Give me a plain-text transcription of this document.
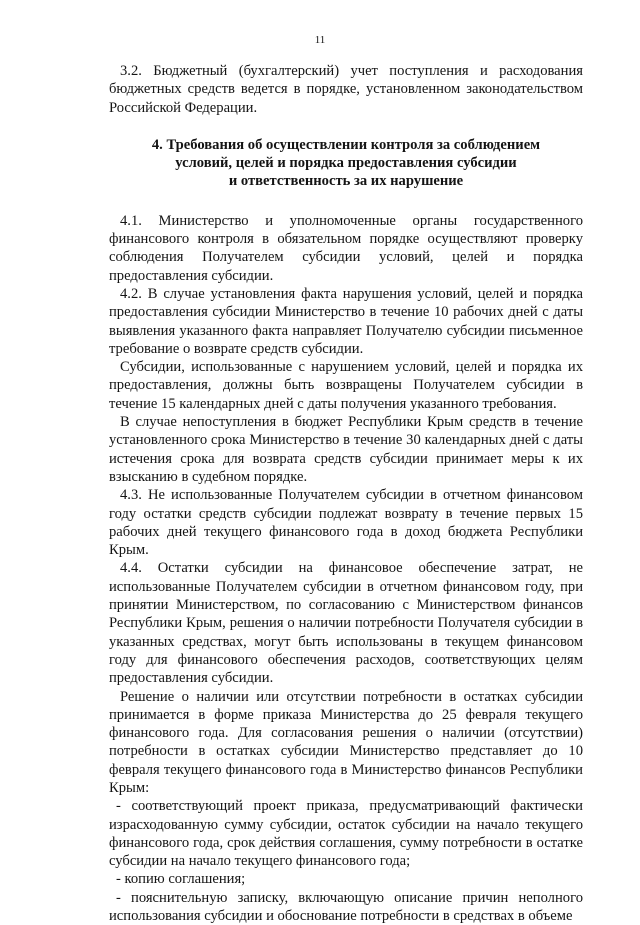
11

3.2. Бюджетный (бухгалтерский) учет поступления и расходования бюджетных средств ведется в порядке, установленном законодательством Российской Федерации.

4. Требования об осуществлении контроля за соблюдением
условий, целей и порядка предоставления субсидии
и ответственность за их нарушение

4.1. Министерство и уполномоченные органы государственного финансового контроля в обязательном порядке осуществляют проверку соблюдения Получателем субсидии условий, целей и порядка предоставления субсидии.

4.2. В случае установления факта нарушения условий, целей и порядка предоставления субсидии Министерство в течение 10 рабочих дней с даты выявления указанного факта направляет Получателю субсидии письменное требование о возврате средств субсидии.

Субсидии, использованные с нарушением условий, целей и порядка их предоставления, должны быть возвращены Получателем субсидии в течение 15 календарных дней с даты получения указанного требования.

В случае непоступления в бюджет Республики Крым средств в течение установленного срока Министерство в течение 30 календарных дней с даты истечения срока для возврата средств субсидии принимает меры к их взысканию в судебном порядке.

4.3. Не использованные Получателем субсидии в отчетном финансовом году остатки средств субсидии подлежат возврату в течение первых 15 рабочих дней текущего финансового года в доход бюджета Республики Крым.

4.4. Остатки субсидии на финансовое обеспечение затрат, не использованные Получателем субсидии в отчетном финансовом году, при принятии Министерством, по согласованию с Министерством финансов Республики Крым, решения о наличии потребности Получателя субсидии в указанных средствах, могут быть использованы в текущем финансовом году для финансового обеспечения расходов, соответствующих целям предоставления субсидии.

Решение о наличии или отсутствии потребности в остатках субсидии принимается в форме приказа Министерства до 25 февраля текущего финансового года. Для согласования решения о наличии (отсутствии) потребности в остатках субсидии Министерство представляет до 10 февраля текущего финансового года в Министерство финансов Республики Крым:

- соответствующий проект приказа, предусматривающий фактически израсходованную сумму субсидии, остаток субсидии на начало текущего финансового года, срок действия соглашения, сумму потребности в остатке субсидии на начало текущего финансового года;

- копию соглашения;

- пояснительную записку, включающую описание причин неполного использования субсидии и обоснование потребности в средствах в объеме
